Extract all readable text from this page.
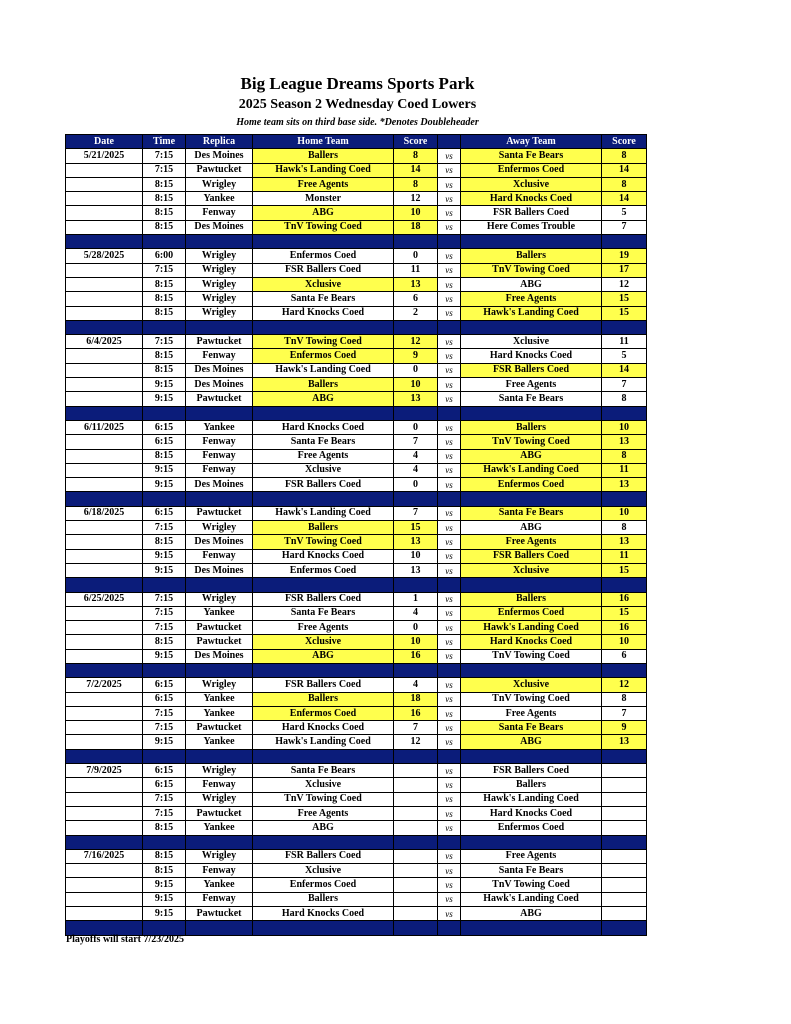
Big League Dreams Sports Park
2025 Season 2 Wednesday Coed Lowers
Home team sits on third base side. *Denotes Doubleheader
Date	Time	Replica	Home Team	Score		Away Team	Score
5/21/2025	7:15	Des Moines	Ballers	8	vs	Santa Fe Bears	8
	7:15	Pawtucket	Hawk's Landing Coed	14	vs	Enfermos Coed	14
	8:15	Wrigley	Free Agents	8	vs	Xclusive	8
	8:15	Yankee	Monster	12	vs	Hard Knocks Coed	14
	8:15	Fenway	ABG	10	vs	FSR Ballers Coed	5
	8:15	Des Moines	TnV Towing Coed	18	vs	Here Comes Trouble	7

5/28/2025	6:00	Wrigley	Enfermos Coed	0	vs	Ballers	19
	7:15	Wrigley	FSR Ballers Coed	11	vs	TnV Towing Coed	17
	8:15	Wrigley	Xclusive	13	vs	ABG	12
	8:15	Wrigley	Santa Fe Bears	6	vs	Free Agents	15
	8:15	Wrigley	Hard Knocks Coed	2	vs	Hawk's Landing Coed	15

6/4/2025	7:15	Pawtucket	TnV Towing Coed	12	vs	Xclusive	11
	8:15	Fenway	Enfermos Coed	9	vs	Hard Knocks Coed	5
	8:15	Des Moines	Hawk's Landing Coed	0	vs	FSR Ballers Coed	14
	9:15	Des Moines	Ballers	10	vs	Free Agents	7
	9:15	Pawtucket	ABG	13	vs	Santa Fe Bears	8

6/11/2025	6:15	Yankee	Hard Knocks Coed	0	vs	Ballers	10
	6:15	Fenway	Santa Fe Bears	7	vs	TnV Towing Coed	13
	8:15	Fenway	Free Agents	4	vs	ABG	8
	9:15	Fenway	Xclusive	4	vs	Hawk's Landing Coed	11
	9:15	Des Moines	FSR Ballers Coed	0	vs	Enfermos Coed	13

6/18/2025	6:15	Pawtucket	Hawk's Landing Coed	7	vs	Santa Fe Bears	10
	7:15	Wrigley	Ballers	15	vs	ABG	8
	8:15	Des Moines	TnV Towing Coed	13	vs	Free Agents	13
	9:15	Fenway	Hard Knocks Coed	10	vs	FSR Ballers Coed	11
	9:15	Des Moines	Enfermos Coed	13	vs	Xclusive	15

6/25/2025	7:15	Wrigley	FSR Ballers Coed	1	vs	Ballers	16
	7:15	Yankee	Santa Fe Bears	4	vs	Enfermos Coed	15
	7:15	Pawtucket	Free Agents	0	vs	Hawk's Landing Coed	16
	8:15	Pawtucket	Xclusive	10	vs	Hard Knocks Coed	10
	9:15	Des Moines	ABG	16	vs	TnV Towing Coed	6

7/2/2025	6:15	Wrigley	FSR Ballers Coed	4	vs	Xclusive	12
	6:15	Yankee	Ballers	18	vs	TnV Towing Coed	8
	7:15	Yankee	Enfermos Coed	16	vs	Free Agents	7
	7:15	Pawtucket	Hard Knocks Coed	7	vs	Santa Fe Bears	9
	9:15	Yankee	Hawk's Landing Coed	12	vs	ABG	13

7/9/2025	6:15	Wrigley	Santa Fe Bears		vs	FSR Ballers Coed	
	6:15	Fenway	Xclusive		vs	Ballers	
	7:15	Wrigley	TnV Towing Coed		vs	Hawk's Landing Coed	
	7:15	Pawtucket	Free Agents		vs	Hard Knocks Coed	
	8:15	Yankee	ABG		vs	Enfermos Coed	

7/16/2025	8:15	Wrigley	FSR Ballers Coed		vs	Free Agents	
	8:15	Fenway	Xclusive		vs	Santa Fe Bears	
	9:15	Yankee	Enfermos Coed		vs	TnV Towing Coed	
	9:15	Fenway	Ballers		vs	Hawk's Landing Coed	
	9:15	Pawtucket	Hard Knocks Coed		vs	ABG	

Playoffs will start 7/23/2025
